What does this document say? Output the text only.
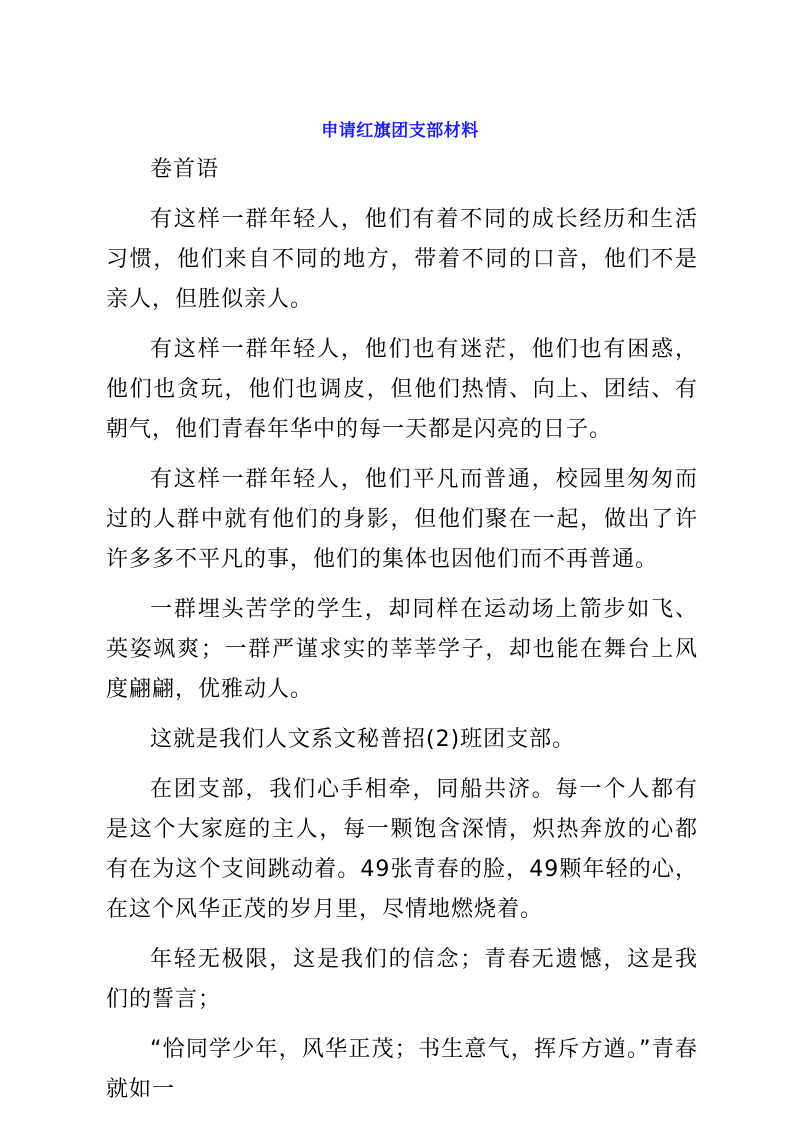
申请红旗团支部材料

卷首语

有这样一群年轻人，他们有着不同的成长经历和生活习惯，他们来自不同的地方，带着不同的口音，他们不是亲人，但胜似亲人。

有这样一群年轻人，他们也有迷茫，他们也有困惑，他们也贪玩，他们也调皮，但他们热情、向上、团结、有朝气，他们青春年华中的每一天都是闪亮的日子。

有这样一群年轻人，他们平凡而普通，校园里匆匆而过的人群中就有他们的身影，但他们聚在一起，做出了许许多多不平凡的事，他们的集体也因他们而不再普通。

一群埋头苦学的学生，却同样在运动场上箭步如飞、英姿飒爽；一群严谨求实的莘莘学子，却也能在舞台上风度翩翩，优雅动人。

这就是我们人文系文秘普招(2)班团支部。

在团支部，我们心手相牵，同船共济。每一个人都有是这个大家庭的主人，每一颗饱含深情，炽热奔放的心都有在为这个支间跳动着。49张青春的脸，49颗年轻的心，在这个风华正茂的岁月里，尽情地燃烧着。

年轻无极限，这是我们的信念；青春无遗憾，这是我们的誓言；

“恰同学少年，风华正茂；书生意气，挥斥方遒。”青春就如一
